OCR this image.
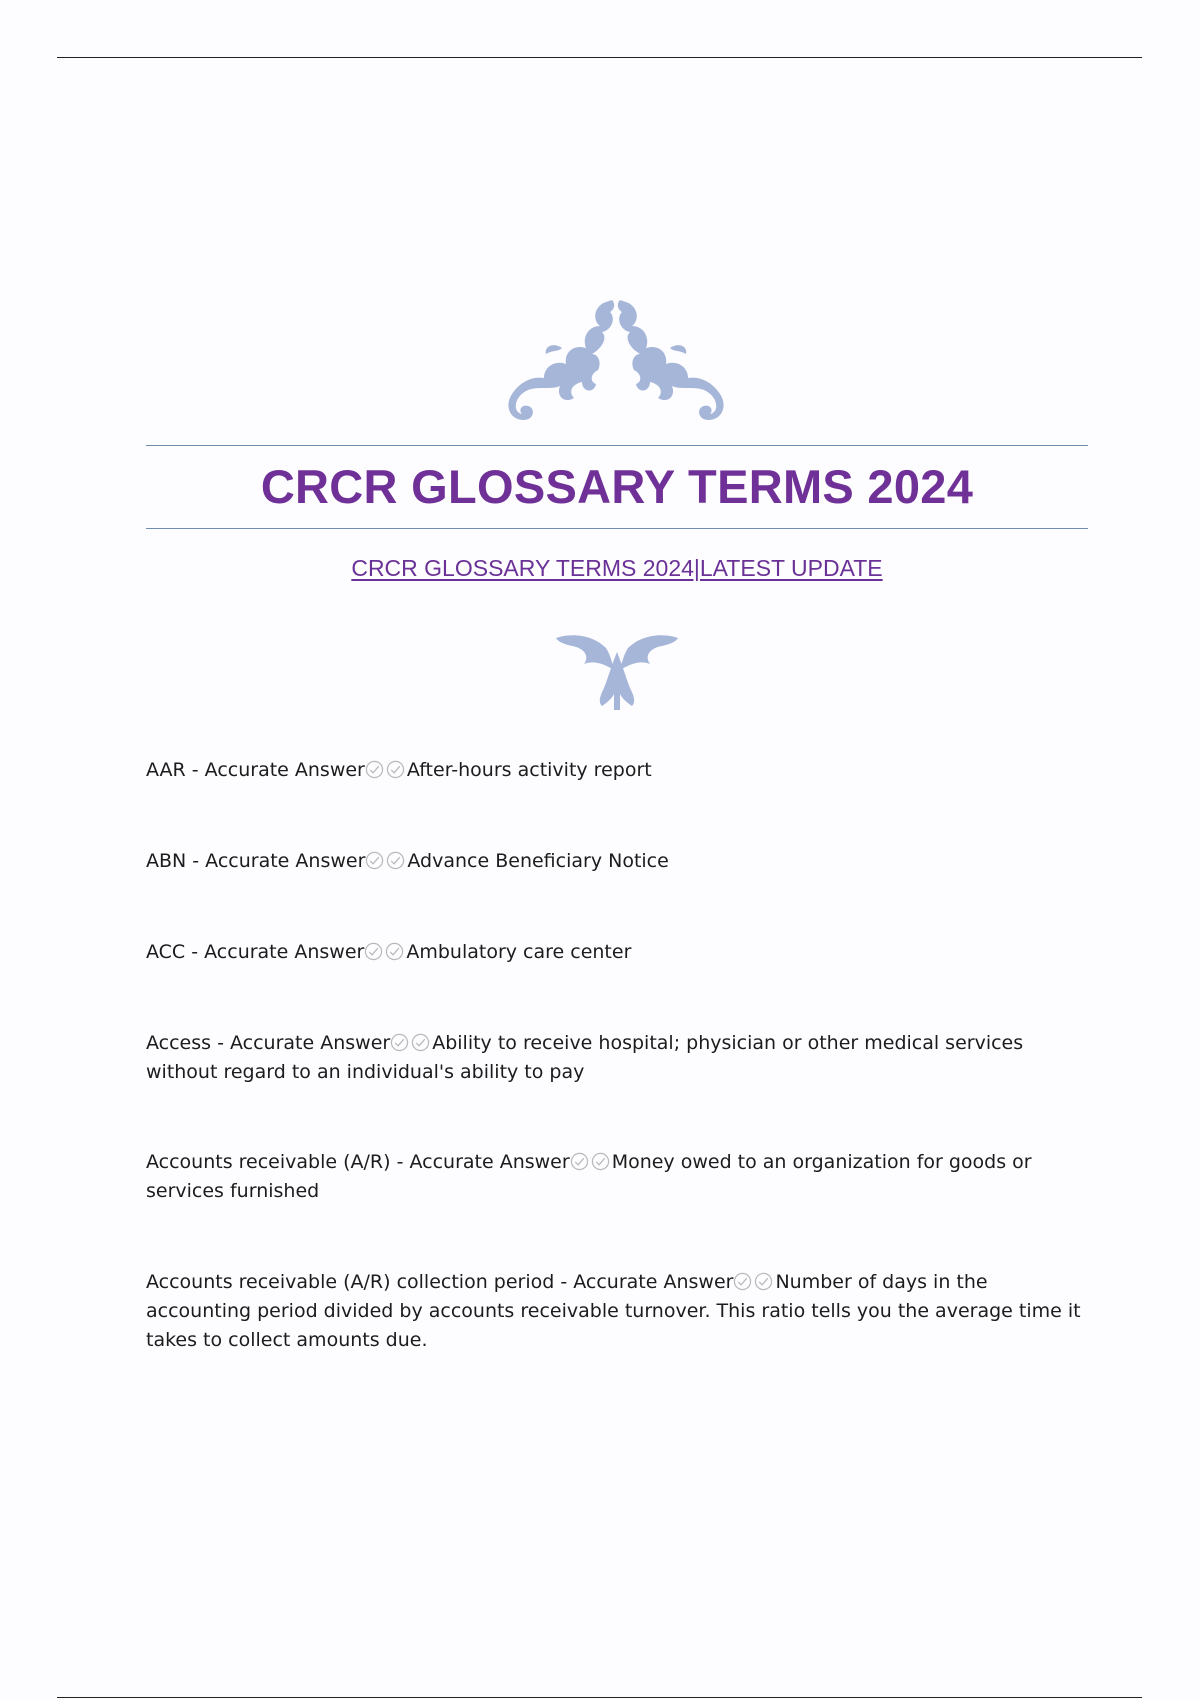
CRCR GLOSSARY TERMS 2024
CRCR GLOSSARY TERMS 2024|LATEST UPDATE
AAR - Accurate Answer After-hours activity report
ABN - Accurate Answer Advance Beneficiary Notice
ACC - Accurate Answer Ambulatory care center
Access - Accurate Answer Ability to receive hospital; physician or other medical services without regard to an individual's ability to pay
Accounts receivable (A/R) - Accurate Answer Money owed to an organization for goods or services furnished
Accounts receivable (A/R) collection period - Accurate Answer Number of days in the accounting period divided by accounts receivable turnover. This ratio tells you the average time it takes to collect amounts due.
